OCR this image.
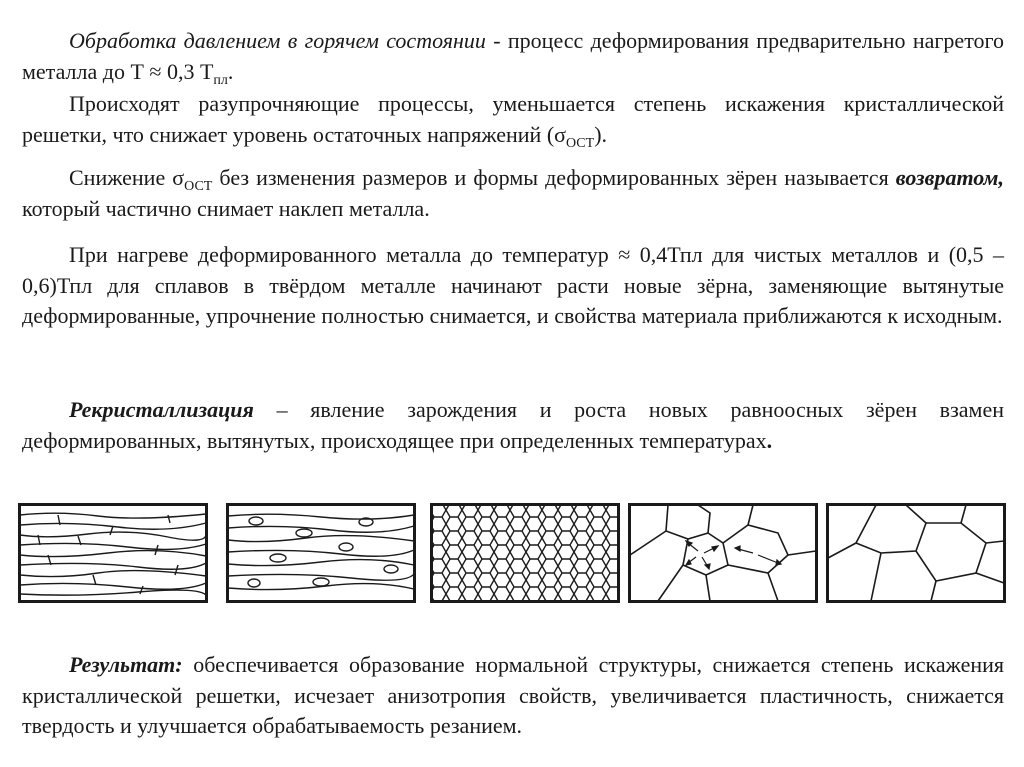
Обработка давлением в горячем состоянии - процесс деформирования предварительно нагретого металла до Т ≈ 0,3 $Т_{пл}$.

Происходят разупрочняющие процессы, уменьшается степень искажения кристаллической решетки, что снижает уровень остаточных напряжений $(\sigma_{ОСТ})$.

Снижение $\sigma_{ОСТ}$ без изменения размеров и формы деформированных зёрен называется возвратом, который частично снимает наклеп металла.

При нагреве деформированного металла до температур ≈ 0,4Тпл для чистых металлов и (0,5 – 0,6)Тпл для сплавов в твёрдом металле начинают расти новые зёрна, заменяющие вытянутые деформированные, упрочнение полностью снимается, и свойства материала приближаются к исходным.

Рекристаллизация – явление зарождения и роста новых равноосных зёрен взамен деформированных, вытянутых, происходящее при определенных температурах.

Результат: обеспечивается образование нормальной структуры, снижается степень искажения кристаллической решетки, исчезает анизотропия свойств, увеличивается пластичность, снижается твердость и улучшается обрабатываемость резанием.
